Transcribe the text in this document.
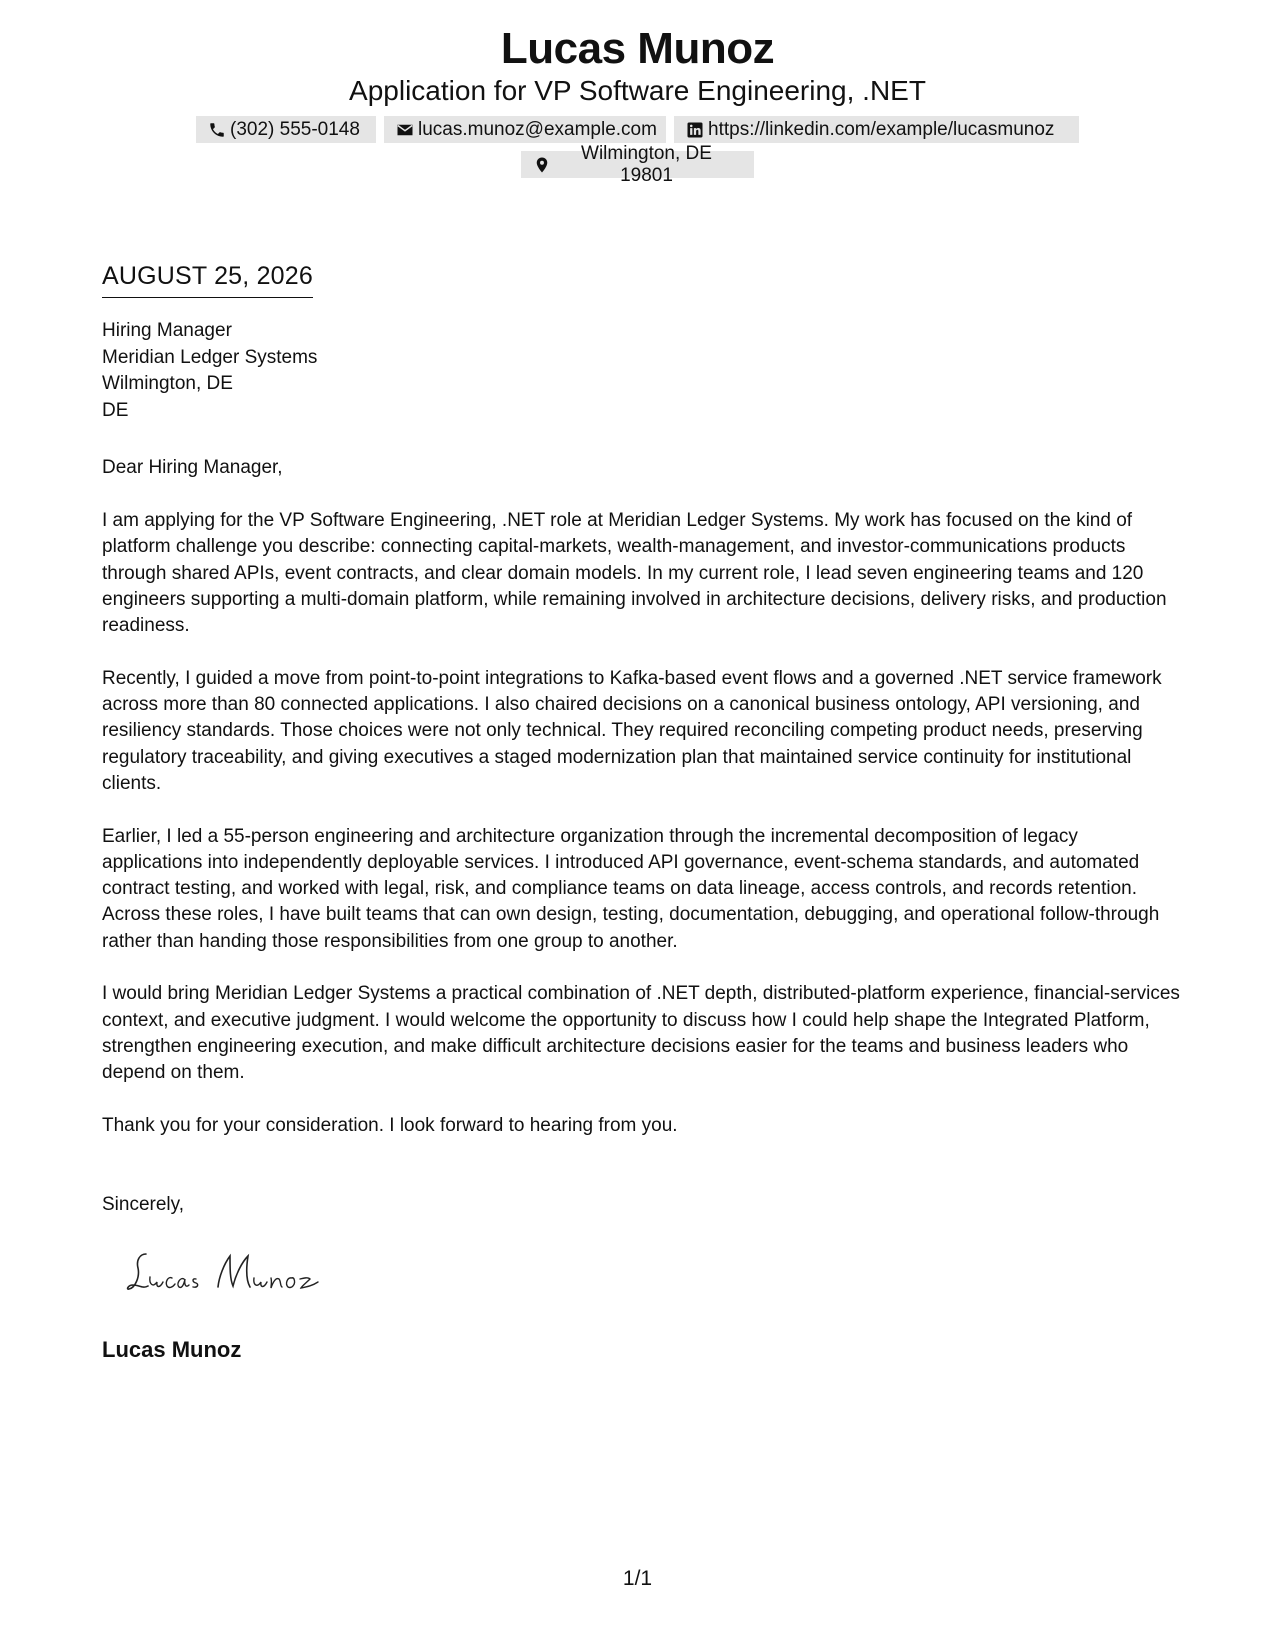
Lucas Munoz
Application for VP Software Engineering, .NET
(302) 555-0148	lucas.munoz@example.com	https://linkedin.com/example/lucasmunoz
Wilmington, DE 19801
AUGUST 25, 2026
Hiring Manager
Meridian Ledger Systems
Wilmington, DE
DE
Dear Hiring Manager,

I am applying for the VP Software Engineering, .NET role at Meridian Ledger Systems. My work has focused on the kind of platform challenge you describe: connecting capital-markets, wealth-management, and investor-communications products through shared APIs, event contracts, and clear domain models. In my current role, I lead seven engineering teams and 120 engineers supporting a multi-domain platform, while remaining involved in architecture decisions, delivery risks, and production readiness.

Recently, I guided a move from point-to-point integrations to Kafka-based event flows and a governed .NET service framework across more than 80 connected applications. I also chaired decisions on a canonical business ontology, API versioning, and resiliency standards. Those choices were not only technical. They required reconciling competing product needs, preserving regulatory traceability, and giving executives a staged modernization plan that maintained service continuity for institutional clients.

Earlier, I led a 55-person engineering and architecture organization through the incremental decomposition of legacy applications into independently deployable services. I introduced API governance, event-schema standards, and automated contract testing, and worked with legal, risk, and compliance teams on data lineage, access controls, and records retention. Across these roles, I have built teams that can own design, testing, documentation, debugging, and operational follow-through rather than handing those responsibilities from one group to another.

I would bring Meridian Ledger Systems a practical combination of .NET depth, distributed-platform experience, financial-services context, and executive judgment. I would welcome the opportunity to discuss how I could help shape the Integrated Platform, strengthen engineering execution, and make difficult architecture decisions easier for the teams and business leaders who depend on them.

Thank you for your consideration. I look forward to hearing from you.

Sincerely,
Lucas Munoz
1/1
